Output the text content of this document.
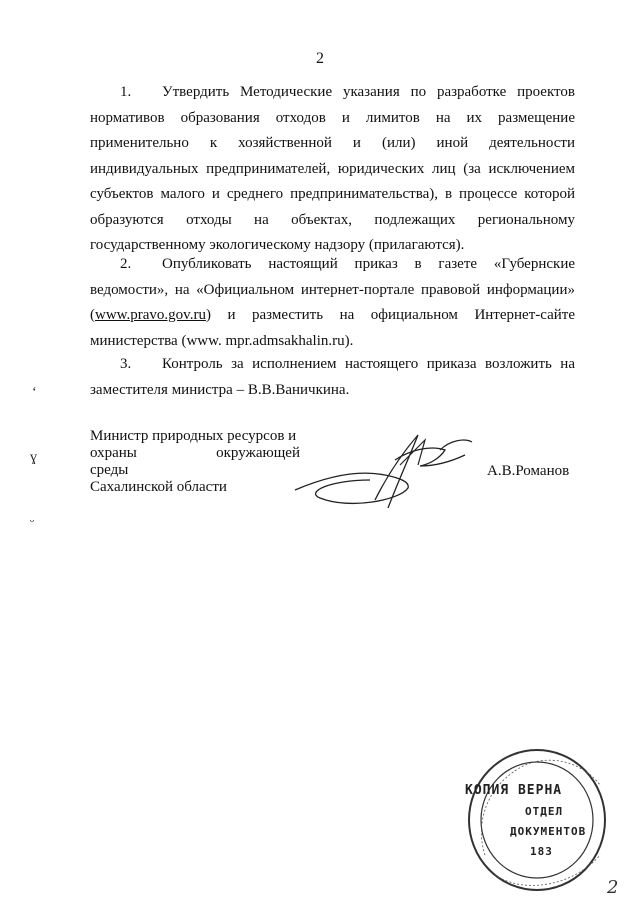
2

1. Утвердить Методические указания по разработке проектов нормативов образования отходов и лимитов на их размещение применительно к хозяйственной и (или) иной деятельности индивидуальных предпринимателей, юридических лиц (за исключением субъектов малого и среднего предпринимательства), в процессе которой образуются отходы на объектах, подлежащих региональному государственному экологическому надзору (прилагаются).

2. Опубликовать настоящий приказ в газете «Губернские ведомости», на «Официальном интернет-портале правовой информации» (www.pravo.gov.ru) и разместить на официальном Интернет-сайте министерства (www. mpr.admsakhalin.ru).

3. Контроль за исполнением настоящего приказа возложить на заместителя министра – В.В.Ваничкина.

ʻ
ɣ
ᵕ
Министр природных ресурсов и
охраны окружающей среды
Сахалинской области
А.В.Романов
КОПИЯ ВЕРНА
ОТДЕЛ
ДОКУМЕНТОВ
183
2
